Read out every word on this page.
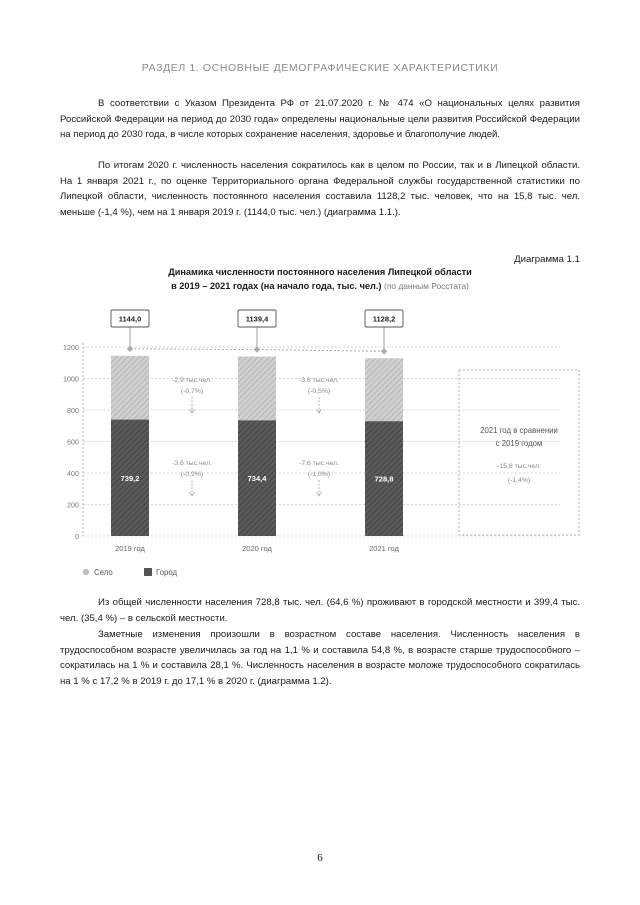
РАЗДЕЛ 1. ОСНОВНЫЕ ДЕМОГРАФИЧЕСКИЕ ХАРАКТЕРИСТИКИ

В соответствии с Указом Президента РФ от 21.07.2020 г. № 474 «О национальных целях развития Российской Федерации на период до 2030 года» определены национальные цели развития Российской Федерации на период до 2030 года, в числе которых сохранение населения, здоровье и благополучие людей.

По итогам 2020 г. численность населения сократилось как в целом по России, так и в Липецкой области. На 1 января 2021 г., по оценке Территориального органа Федеральной службы государственной статистики по Липецкой области, численность постоянного населения составила 1128,2 тыс. человек, что на 15,8 тыс. чел. меньше (-1,4 %), чем на 1 января 2019 г. (1144,0 тыс. чел.) (диаграмма 1.1.).

Диаграмма 1.1
Динамика численности постоянного населения Липецкой области
в 2019 – 2021 годах (на начало года, тыс. чел.) (по данным Росстата)
0
200
400
600
800
1000
1200
739,2
2019 год
1144,0
734,4
2020 год
1139,4
728,8
2021 год
1128,2
-2,9 тыс.чел.
(-0,7%)
-3,6 тыс.чел.
(-0,5%)
-3,6 тыс.чел.
(-0,9%)
-7,6 тыс.чел.
(-1,0%)
2021 год в сравнении
с 2019 годом
-15,8 тыс.чел.
(-1,4%)
Село	Город

Из общей численности населения 728,8 тыс. чел. (64,6 %) проживают в городской местности и 399,4 тыс. чел. (35,4 %) – в сельской местности.

Заметные изменения произошли в возрастном составе населения. Численность населения в трудоспособном возрасте увеличилась за год на 1,1 % и составила 54,8 %, в возрасте старше трудоспособного – сократилась на 1 % и составила 28,1 %. Численность населения в возрасте моложе трудоспособного сократилась на 1 % с 17,2 % в 2019 г. до 17,1 % в 2020 г. (диаграмма 1.2).

6
